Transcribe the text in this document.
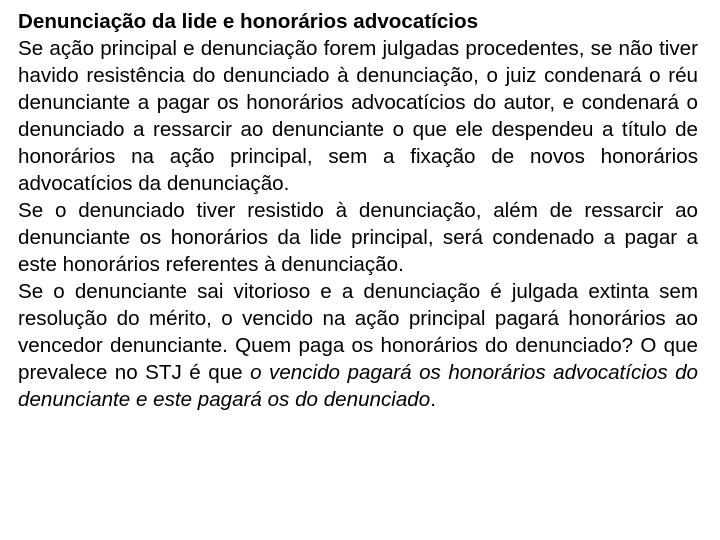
Denunciação da lide e honorários advocatícios

Se ação principal e denunciação forem julgadas procedentes, se não tiver havido resistência do denunciado à denunciação, o juiz condenará o réu denunciante a pagar os honorários advocatícios do autor, e condenará o denunciado a ressarcir ao denunciante o que ele despendeu a título de honorários na ação principal, sem a fixação de novos honorários advocatícios da denunciação.

Se o denunciado tiver resistido à denunciação, além de ressarcir ao denunciante os honorários da lide principal, será condenado a pagar a este honorários referentes à denunciação.

Se o denunciante sai vitorioso e a denunciação é julgada extinta sem resolução do mérito, o vencido na ação principal pagará honorários ao vencedor denunciante. Quem paga os honorários do denunciado? O que prevalece no STJ é que o vencido pagará os honorários advocatícios do denunciante e este pagará os do denunciado.
